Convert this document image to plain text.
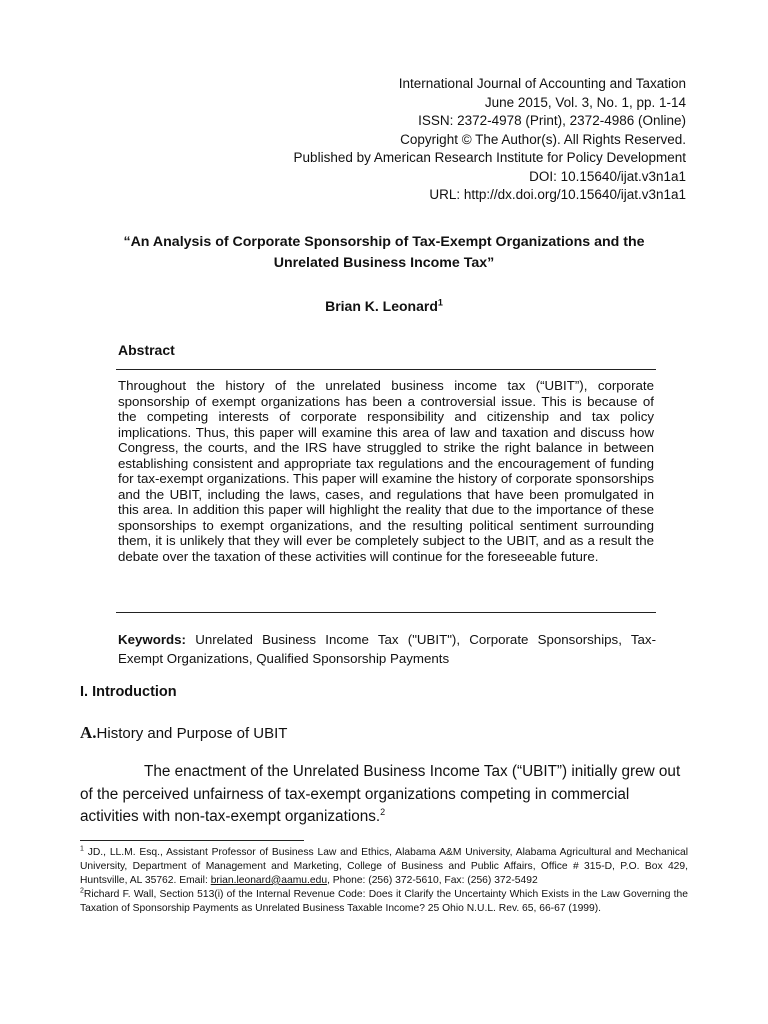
International Journal of Accounting and Taxation
June 2015, Vol. 3, No. 1, pp. 1-14
ISSN: 2372-4978 (Print), 2372-4986 (Online)
Copyright © The Author(s). All Rights Reserved.
Published by American Research Institute for Policy Development
DOI: 10.15640/ijat.v3n1a1
URL: http://dx.doi.org/10.15640/ijat.v3n1a1
“An Analysis of Corporate Sponsorship of Tax-Exempt Organizations and the
Unrelated Business Income Tax”
Brian K. Leonard$^1$
Abstract
Throughout the history of the unrelated business income tax (“UBIT”), corporate sponsorship of exempt organizations has been a controversial issue. This is because of the competing interests of corporate responsibility and citizenship and tax policy implications. Thus, this paper will examine this area of law and taxation and discuss how Congress, the courts, and the IRS have struggled to strike the right balance in between establishing consistent and appropriate tax regulations and the encouragement of funding for tax-exempt organizations. This paper will examine the history of corporate sponsorships and the UBIT, including the laws, cases, and regulations that have been promulgated in this area. In addition this paper will highlight the reality that due to the importance of these sponsorships to exempt organizations, and the resulting political sentiment surrounding them, it is unlikely that they will ever be completely subject to the UBIT, and as a result the debate over the taxation of these activities will continue for the foreseeable future.
Keywords: Unrelated Business Income Tax ("UBIT"), Corporate Sponsorships, Tax-Exempt Organizations, Qualified Sponsorship Payments
I. Introduction
A.History and Purpose of UBIT
The enactment of the Unrelated Business Income Tax (“UBIT”) initially grew out of the perceived unfairness of tax-exempt organizations competing in commercial activities with non-tax-exempt organizations.$^2$

$^1$ JD., LL.M. Esq., Assistant Professor of Business Law and Ethics, Alabama A&M University, Alabama Agricultural and Mechanical University, Department of Management and Marketing, College of Business and Public Affairs, Office # 315-D, P.O. Box 429, Huntsville, AL 35762. Email: brian.leonard@aamu.edu, Phone: (256) 372-5610, Fax: (256) 372-5492

$^2$Richard F. Wall, Section 513(i) of the Internal Revenue Code: Does it Clarify the Uncertainty Which Exists in the Law Governing the Taxation of Sponsorship Payments as Unrelated Business Taxable Income? 25 Ohio N.U.L. Rev. 65, 66-67 (1999).
